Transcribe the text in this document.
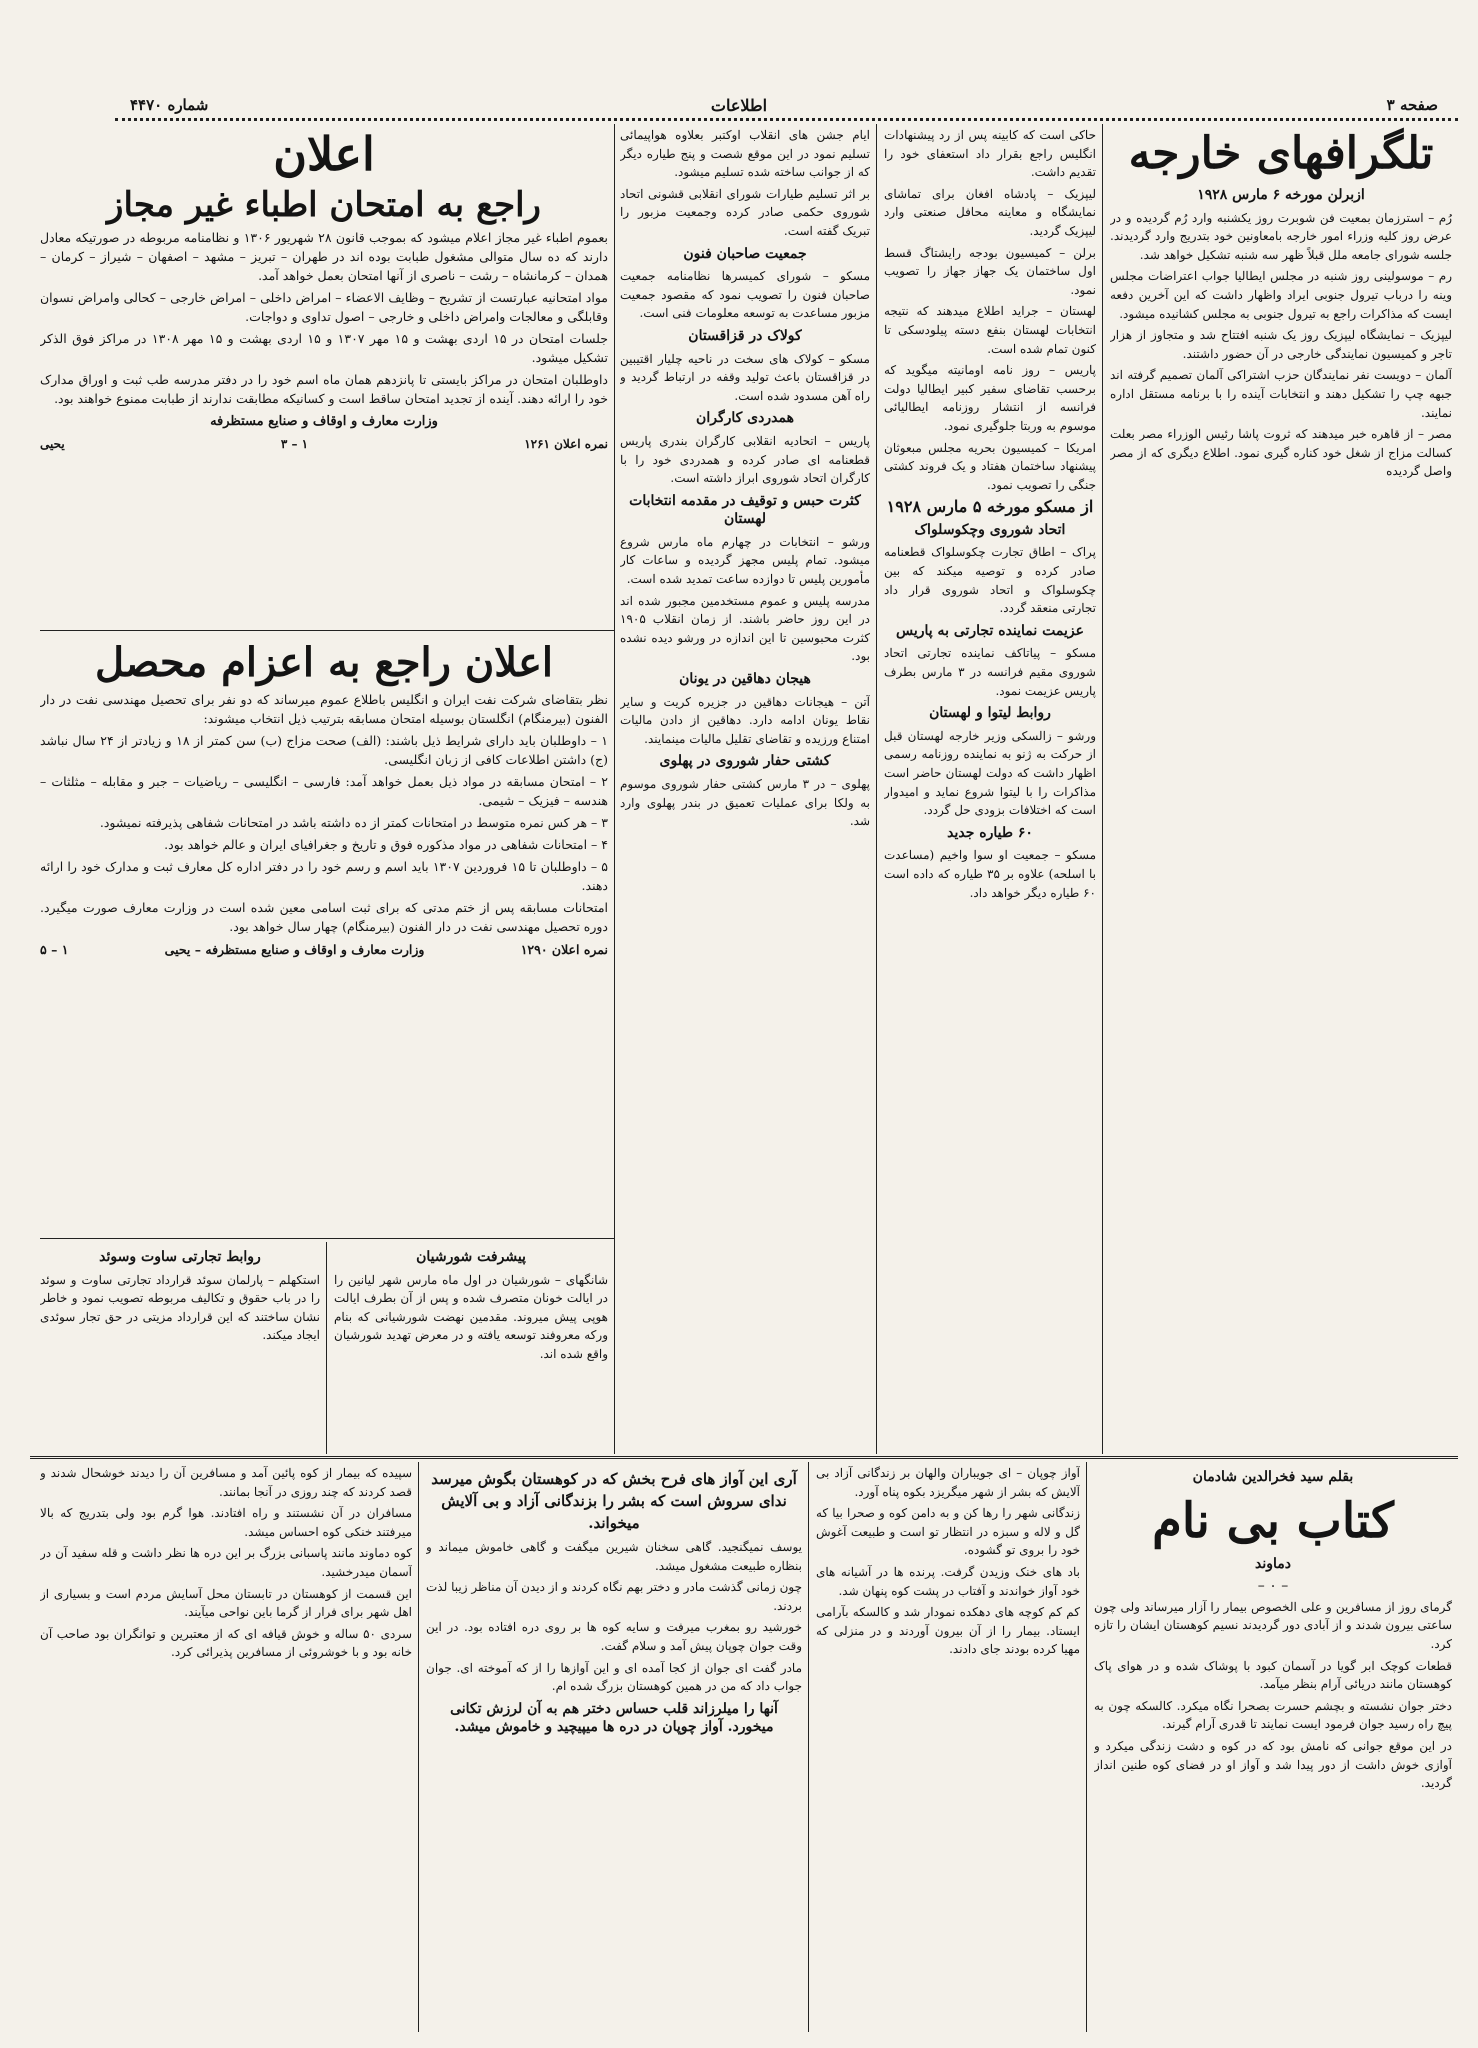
صفحه ۳
اطلاعات
شماره ۴۴۷۰
تلگرافهای خارجه
ازبرلن مورخه ۶ مارس ۱۹۲۸

رُم – استرزمان بمعیت فن شوبرت روز یکشنبه وارد رُم گردیده و در عرض روز کلیه وزراء امور خارجه بامعاونین خود بتدریج وارد گردیدند. جلسه شورای جامعه ملل قبلاً ظهر سه شنبه تشکیل خواهد شد.

رم – موسولینی روز شنبه در مجلس ایطالیا جواب اعتراضات مجلس وینه را درباب تیرول جنوبی ایراد واظهار داشت که این آخرین دفعه ایست که مذاکرات راجع به تیرول جنوبی به مجلس کشانیده میشود.

لیپزیک – نمایشگاه لیپزیک روز یک شنبه افتتاح شد و متجاوز از هزار تاجر و کمیسیون نمایندگی خارجی در آن حضور داشتند.

آلمان – دویست نفر نمایندگان حزب اشتراکی آلمان تصمیم گرفته اند جبهه چپ را تشکیل دهند و انتخابات آینده را با برنامه مستقل اداره نمایند.

مصر – از قاهره خبر میدهند که ثروت پاشا رئیس الوزراء مصر بعلت کسالت مزاج از شغل خود کناره گیری نمود. اطلاع دیگری که از مصر واصل گردیده

حاکی است که کابینه پس از رد پیشنهادات انگلیس راجع بقرار داد استعفای خود را تقدیم داشت.

لیپزیک – پادشاه افغان برای تماشای نمایشگاه و معاینه محافل صنعتی وارد لیپزیک گردید.

برلن – کمیسیون بودجه رایشتاگ قسط اول ساختمان یک جهاز جهاز را تصویب نمود.

لهستان – جراید اطلاع میدهند که نتیجه انتخابات لهستان بنفع دسته پیلودسکی تا کنون تمام شده است.

پاریس – روز نامه اومانیته میگوید که برحسب تقاضای سفیر کبیر ایطالیا دولت فرانسه از انتشار روزنامه ایطالیائی موسوم به وربتا جلوگیری نمود.

امریکا – کمیسیون بحریه مجلس مبعوثان پیشنهاد ساختمان هفتاد و یک فروند کشتی جنگی را تصویب نمود.

از مسکو مورخه ۵ مارس ۱۹۲۸
اتحاد شوروی وچکوسلواک

پراک – اطاق تجارت چکوسلواک قطعنامه صادر کرده و توصیه میکند که بین چکوسلواک و اتحاد شوروی قرار داد تجارتی منعقد گردد.

عزیمت نماینده تجارتی به پاریس

مسکو – پیاتاکف نماینده تجارتی اتحاد شوروی مقیم فرانسه در ۳ مارس بطرف پاریس عزیمت نمود.

روابط لیتوا و لهستان

ورشو – زالسکی وزیر خارجه لهستان قبل از حرکت به ژنو به نماینده روزنامه رسمی اظهار داشت که دولت لهستان حاضر است مذاکرات را با لیتوا شروع نماید و امیدوار است که اختلافات بزودی حل گردد.

۶۰ طیاره جدید

مسکو – جمعیت او سوا واخیم (مساعدت با اسلحه) علاوه بر ۳۵ طیاره که داده است ۶۰ طیاره دیگر خواهد داد.

ایام جشن های انقلاب اوکتبر بعلاوه هواپیمائی تسلیم نمود در این موقع شصت و پنج طیاره دیگر که از جوانب ساخته شده تسلیم میشود.

بر اثر تسلیم طیارات شورای انقلابی قشونی اتحاد شوروی حکمی صادر کرده وجمعیت مزبور را تبریک گفته است.

جمعیت صاحبان فنون

مسکو – شورای کمیسرها نظامنامه جمعیت صاحبان فنون را تصویب نمود که مقصود جمعیت مزبور مساعدت به توسعه معلومات فنی است.

کولاک در قزاقستان

مسکو – کولاک های سخت در ناحیه چلیار اقتیبین در قزاقستان باعث تولید وقفه در ارتباط گردید و راه آهن مسدود شده است.

همدردی کارگران

پاریس – اتحادیه انقلابی کارگران بندری پاریس قطعنامه ای صادر کرده و همدردی خود را با کارگران اتحاد شوروی ابراز داشته است.

کثرت حبس و توقیف در مقدمه انتخابات لهستان

ورشو – انتخابات در چهارم ماه مارس شروع میشود. تمام پلیس مجهز گردیده و ساعات کار مأمورین پلیس تا دوازده ساعت تمدید شده است.

مدرسه پلیس و عموم مستخدمین مجبور شده اند در این روز حاضر باشند. از زمان انقلاب ۱۹۰۵ کثرت محبوسین تا این اندازه در ورشو دیده نشده بود.

هیجان دهاقین در یونان

آتن – هیجانات دهاقین در جزیره کریت و سایر نقاط یونان ادامه دارد. دهاقین از دادن مالیات امتناع ورزیده و تقاضای تقلیل مالیات مینمایند.

کشتی حفار شوروی در پهلوی

پهلوی – در ۳ مارس کشتی حفار شوروی موسوم به ولکا برای عملیات تعمیق در بندر پهلوی وارد شد.

اعلان
راجع به امتحان اطباء غیر مجاز

بعموم اطباء غیر مجاز اعلام میشود که بموجب قانون ۲۸ شهریور ۱۳۰۶ و نظامنامه مربوطه در صورتیکه معادل دارند که ده سال متوالی مشغول طبابت بوده اند در طهران – تبریز – مشهد – اصفهان – شیراز – کرمان – همدان – کرمانشاه – رشت – ناصری از آنها امتحان بعمل خواهد آمد.

مواد امتحانیه عبارتست از تشریح – وظایف الاعضاء – امراض داخلی – امراض خارجی – کحالی وامراض نسوان وقابلگی و معالجات وامراض داخلی و خارجی – اصول تداوی و دواجات.

جلسات امتحان در ۱۵ اردی بهشت و ۱۵ مهر ۱۳۰۷ و ۱۵ اردی بهشت و ۱۵ مهر ۱۳۰۸ در مراکز فوق الذکر تشکیل میشود.

داوطلبان امتحان در مراکز بایستی تا پانزدهم همان ماه اسم خود را در دفتر مدرسه طب ثبت و اوراق مدارک خود را ارائه دهند. آینده از تجدید امتحان ساقط است و کسانیکه مطابقت ندارند از طبابت ممنوع خواهند بود.

وزارت معارف و اوقاف و صنایع مستظرفه
نمره اعلان ۱۲۶۱
۱ – ۳
یحیی
اعلان راجع به اعزام محصل

نظر بتقاضای شرکت نفت ایران و انگلیس باطلاع عموم میرساند که دو نفر برای تحصیل مهندسی نفت در دار الفنون (بیرمنگام) انگلستان بوسیله امتحان مسابقه بترتیب ذیل انتخاب میشوند:

۱ – داوطلبان باید دارای شرایط ذیل باشند: (الف) صحت مزاج (ب) سن کمتر از ۱۸ و زیادتر از ۲۴ سال نباشد (ج) داشتن اطلاعات کافی از زبان انگلیسی.

۲ – امتحان مسابقه در مواد ذیل بعمل خواهد آمد: فارسی – انگلیسی – ریاضیات – جبر و مقابله – مثلثات – هندسه – فیزیک – شیمی.

۳ – هر کس نمره متوسط در امتحانات کمتر از ده داشته باشد در امتحانات شفاهی پذیرفته نمیشود.

۴ – امتحانات شفاهی در مواد مذکوره فوق و تاریخ و جغرافیای ایران و عالم خواهد بود.

۵ – داوطلبان تا ۱۵ فروردین ۱۳۰۷ باید اسم و رسم خود را در دفتر اداره کل معارف ثبت و مدارک خود را ارائه دهند.

امتحانات مسابقه پس از ختم مدتی که برای ثبت اسامی معین شده است در وزارت معارف صورت میگیرد. دوره تحصیل مهندسی نفت در دار الفنون (بیرمنگام) چهار سال خواهد بود.

نمره اعلان ۱۲۹۰
وزارت معارف و اوقاف و صنایع مستظرفه – یحیی
۱ – ۵
پیشرفت شورشیان

شانگهای – شورشیان در اول ماه مارس شهر لیانین را در ایالت خونان متصرف شده و پس از آن بطرف ایالت هوپی پیش میروند. مقدمین نهضت شورشیانی که بنام ورکه معروفند توسعه یافته و در معرض تهدید شورشیان واقع شده اند.

روابط تجارتی ساوت وسوئد

استکهلم – پارلمان سوئد قرارداد تجارتی ساوت و سوئد را در باب حقوق و تکالیف مربوطه تصویب نمود و خاطر نشان ساختند که این قرارداد مزیتی در حق تجار سوئدی ایجاد میکند.

بقلم سید فخرالدین شادمان
کتاب بی نام
دماوند
– ۰ –

گرمای روز از مسافرین و علی الخصوص بیمار را آزار میرساند ولی چون ساعتی بیرون شدند و از آبادی دور گردیدند نسیم کوهستان ایشان را تازه کرد.

قطعات کوچک ابر گویا در آسمان کبود با پوشاک شده و در هوای پاک کوهستان مانند دریائی آرام بنظر میآمد.

دختر جوان نشسته و بچشم حسرت بصحرا نگاه میکرد. کالسکه چون به پیچ راه رسید جوان فرمود ایست نمایند تا قدری آرام گیرند.

در این موقع جوانی که نامش بود که در کوه و دشت زندگی میکرد و آوازی خوش داشت از دور پیدا شد و آواز او در فضای کوه طنین انداز گردید.

آواز چوپان – ای جویباران والهان بر زندگانی آزاد بی آلایش که بشر از شهر میگریزد بکوه پناه آورد.

زندگانی شهر را رها کن و به دامن کوه و صحرا بیا که گل و لاله و سبزه در انتظار تو است و طبیعت آغوش خود را بروی تو گشوده.

باد های خنک وزیدن گرفت. پرنده ها در آشیانه های خود آواز خواندند و آفتاب در پشت کوه پنهان شد.

کم کم کوچه های دهکده نمودار شد و کالسکه بآرامی ایستاد. بیمار را از آن بیرون آوردند و در منزلی که مهیا کرده بودند جای دادند.

آری این آواز های فرح بخش که در کوهستان بگوش میرسد ندای سروش است که بشر را بزندگانی آزاد و بی آلایش میخواند.

یوسف نمیگنجید. گاهی سخنان شیرین میگفت و گاهی خاموش میماند و بنظاره طبیعت مشغول میشد.

چون زمانی گذشت مادر و دختر بهم نگاه کردند و از دیدن آن مناظر زیبا لذت بردند.

خورشید رو بمغرب میرفت و سایه کوه ها بر روی دره افتاده بود. در این وقت جوان چوپان پیش آمد و سلام گفت.

مادر گفت ای جوان از کجا آمده ای و این آوازها را از که آموخته ای. جوان جواب داد که من در همین کوهستان بزرگ شده ام.

آنها را میلرزاند قلب حساس دختر هم به آن لرزش تکانی میخورد. آواز چوپان در دره ها میپیچید و خاموش میشد.

سپیده که بیمار از کوه پائین آمد و مسافرین آن را دیدند خوشحال شدند و قصد کردند که چند روزی در آنجا بمانند.

مسافران در آن نشستند و راه افتادند. هوا گرم بود ولی بتدریج که بالا میرفتند خنکی کوه احساس میشد.

کوه دماوند مانند پاسبانی بزرگ بر این دره ها نظر داشت و قله سفید آن در آسمان میدرخشید.

این قسمت از کوهستان در تابستان محل آسایش مردم است و بسیاری از اهل شهر برای فرار از گرما باین نواحی میآیند.

سردی ۵۰ ساله و خوش قیافه ای که از معتبرین و توانگران بود صاحب آن خانه بود و با خوشروئی از مسافرین پذیرائی کرد.
